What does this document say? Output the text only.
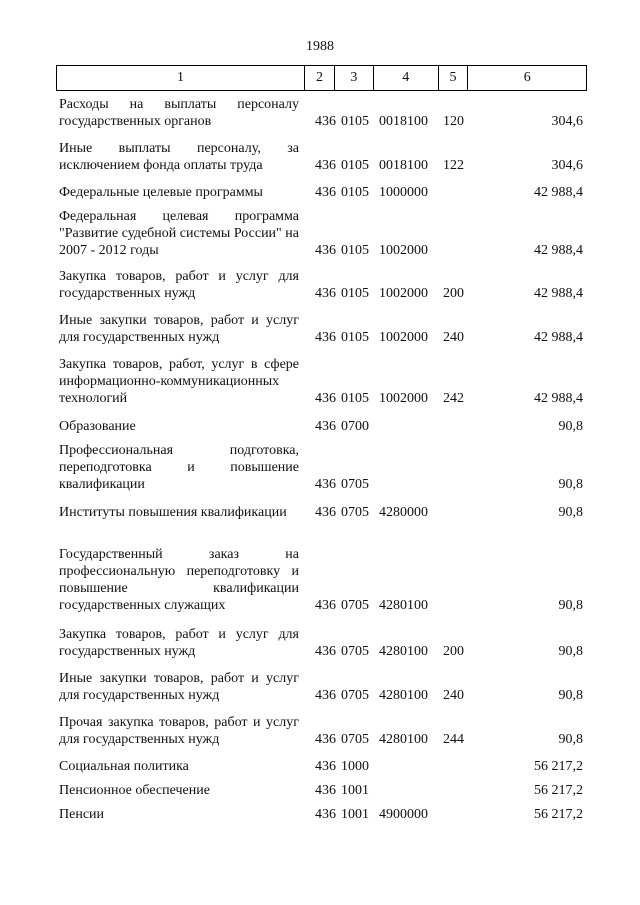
1988
1	2	3	4	5	6
Расходы на выплаты персоналу государственных органов	436 0105 0018100	120	304,6
Иные выплаты персоналу, за исключением фонда оплаты труда	436 0105 0018100	122	304,6
Федеральные целевые программы	436 0105 1000000	42 988,4
Федеральная целевая программа "Развитие судебной системы России" на 2007 - 2012 годы	436 0105 1002000	42 988,4
Закупка товаров, работ и услуг для государственных нужд	436 0105 1002000	200	42 988,4
Иные закупки товаров, работ и услуг для государственных нужд	436 0105 1002000	240	42 988,4
Закупка товаров, работ, услуг в сфере информационно-коммуникационных технологий	436 0105 1002000	242	42 988,4
Образование	436 0700	90,8
Профессиональная подготовка, переподготовка и повышение квалификации	436 0705	90,8
Институты повышения квалификации	436 0705 4280000	90,8
Государственный заказ на профессиональную переподготовку и повышение квалификации государственных служащих	436 0705 4280100	90,8
Закупка товаров, работ и услуг для государственных нужд	436 0705 4280100	200	90,8
Иные закупки товаров, работ и услуг для государственных нужд	436 0705 4280100	240	90,8
Прочая закупка товаров, работ и услуг для государственных нужд	436 0705 4280100	244	90,8
Социальная политика	436 1000	56 217,2
Пенсионное обеспечение	436 1001	56 217,2
Пенсии	436 1001 4900000	56 217,2
